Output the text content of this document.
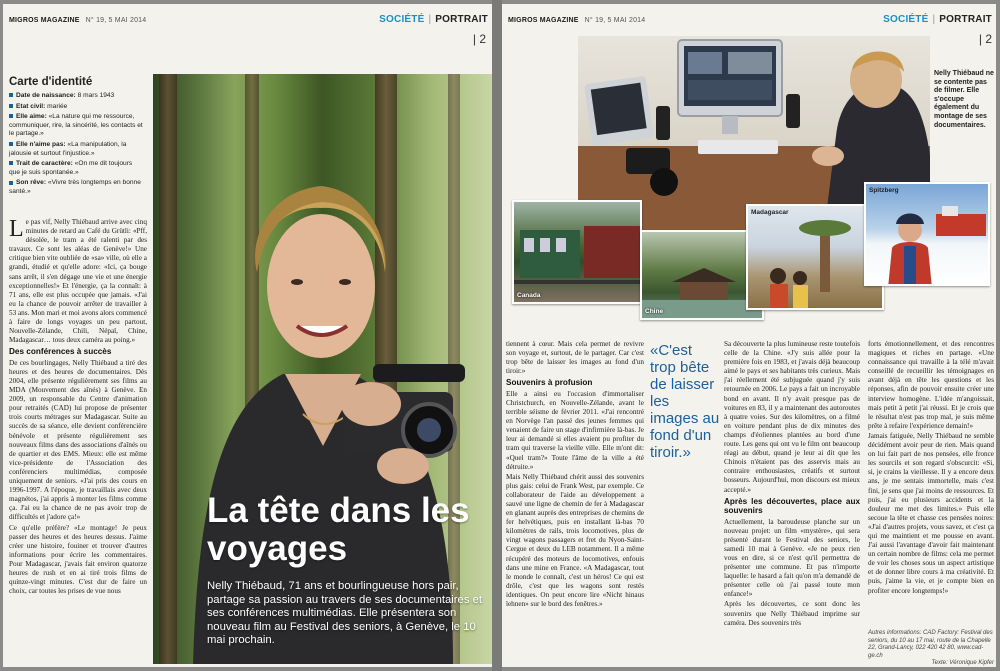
MIGROS MAGAZINE N° 19, 5 MAI 2014	SOCIÉTÉ | PORTRAIT
| 2
Carte d'identité
Date de naissance: 8 mars 1943
Etat civil: mariée
Elle aime: «La nature qui me ressource, communiquer, rire, la sincérité, les contacts et le partage.»
Elle n'aime pas: «La manipulation, la jalousie et surtout l'injustice.»
Trait de caractère: «On me dit toujours que je suis spontanée.»
Son rêve: «Vivre très longtemps en bonne santé.»

Le pas vif, Nelly Thiébaud arrive avec cinq minutes de retard au Café du Grütli: «Pff, désolée, le tram a été ralenti par des travaux. Ce sont les aléas de Genève!» Une critique bien vite oubliée de «sa» ville, où elle a grandi, étudié et qu'elle adore: «Ici, ça bouge sans arrêt, il s'en dégage une vie et une énergie exceptionnelles!» Et l'énergie, ça la connaît: à 71 ans, elle est plus occupée que jamais. «J'ai eu la chance de pouvoir arrêter de travailler à 53 ans. Mon mari et moi avons alors commencé à faire de longs voyages un peu partout, Nouvelle-Zélande, Chili, Népal, Chine, Madagascar… tous deux caméra au poing.»

Des conférences à succès

De ces bourlingages, Nelly Thiébaud a tiré des heures et des heures de documentaires. Dès 2004, elle présente régulièrement ses films au MDA (Mouvement des aînés) à Genève. En 2009, un responsable du Centre d'animation pour retraités (CAD) lui propose de présenter trois courts métrages sur Madagascar. Suite au succès de sa séance, elle devient conférencière bénévole et présente régulièrement ses nouveaux films dans des associations d'aînés ou de quartier et des EMS. Mieux: elle est même vice-présidente de l'Association des conférenciers multimédias, composée uniquement de seniors. «J'ai pris des cours en 1996-1997. A l'époque, je travaillais avec deux magnétos, j'ai appris à monter les films comme ça. J'ai eu la chance de ne pas avoir trop de difficultés et j'adore ça!»

Ce qu'elle préfère? «Le montage! Je peux passer des heures et des heures dessus. J'aime créer une histoire, fouiner et trouver d'autres informations pour écrire les commentaires. Pour Madagascar, j'avais fait environ quatorze heures de rush et en ai tiré trois films de quinze-vingt minutes. C'est dur de faire un choix, car toutes les prises de vue nous

La tête dans les voyages
Nelly Thiébaud, 71 ans et bourlingueuse hors pair, partage sa passion au travers de ses documentaires et ses conférences multimédias. Elle présentera son nouveau film au Festival des seniors, à Genève, le 10 mai prochain.
MIGROS MAGAZINE N° 19, 5 MAI 2014	SOCIÉTÉ | PORTRAIT
| 2
Nelly Thiébaud ne se contente pas de filmer. Elle s'occupe également du montage de ses documentaires.
Canada
Chine
Madagascar
Spitzberg

tiennent à cœur. Mais cela permet de revivre son voyage et, surtout, de le partager. Car c'est trop bête de laisser les images au fond d'un tiroir.»

Souvenirs à profusion

Elle a ainsi eu l'occasion d'immortaliser Christchurch, en Nouvelle-Zélande, avant le terrible séisme de février 2011. «J'ai rencontré en Norvège l'an passé des jeunes femmes qui venaient de faire un stage d'infirmière là-bas. Je leur ai demandé si elles avaient pu profiter du tram qui traverse la vieille ville. Elle m'ont dit: «Quel tram?» Toute l'âme de la ville a été détruite.»

Mais Nelly Thiébaud chérit aussi des souvenirs plus gais: celui de Frank West, par exemple. Ce collaborateur de l'aide au développement a sauvé une ligne de chemin de fer à Madagascar en glanant auprès des entreprises de chemins de fer helvétiques, puis en installant là-bas 70 kilomètres de rails, trois locomotives, plus de vingt wagons passagers et fret du Nyon-Saint-Cergue et deux du LEB notamment. Il a même récupéré des moteurs de locomotives, enfouis dans une mine en France. «A Madagascar, tout le monde le connaît, c'est un héros! Ce qui est drôle, c'est que les wagons sont restés identiques. On peut encore lire «Nicht hinaus lehnen» sur le bord des fenêtres.»

«C'est trop bête de laisser les images au fond d'un tiroir.»

Sa découverte la plus lumineuse reste toutefois celle de la Chine. «J'y suis allée pour la première fois en 1983, et j'avais déjà beaucoup aimé le pays et ses habitants très curieux. Mais j'ai réellement été subjuguée quand j'y suis retournée en 2006. Le pays a fait un incroyable bond en avant. Il n'y avait presque pas de voitures en 83, il y a maintenant des autoroutes à quatre voies. Sur des kilomètres, on a filmé en voiture pendant plus de dix minutes des champs d'éoliennes plantées au bord d'une route. Les gens qui ont vu le film ont beaucoup réagi au début, quand je leur ai dit que les Chinois n'étaient pas des asservis mais au contraire enthousiastes, créatifs et surtout bosseurs. Aujourd'hui, mon discours est mieux accepté.»

Après les découvertes, place aux souvenirs

Actuellement, la baroudeuse planche sur un nouveau projet: un film «mystère», qui sera présenté durant le Festival des seniors, le samedi 10 mai à Genève. «Je ne peux rien vous en dire, si ce n'est qu'il permettra de présenter une commune. Et pas n'importe laquelle: le hasard a fait qu'on m'a demandé de présenter celle où j'ai passé toute mon enfance!»

Après les découvertes, ce sont donc les souvenirs que Nelly Thiébaud imprime sur caméra. Des souvenirs très

forts émotionnellement, et des rencontres magiques et riches en partage. «Une connaissance qui travaille à la télé m'avait conseillé de recueillir les témoignages en avant déjà en tête les questions et les réponses, afin de pouvoir ensuite créer une interview homogène. L'idée m'angoissait, mais petit à petit j'ai réussi. Et je crois que le résultat n'est pas trop mal, je suis même prête à refaire l'expérience demain!»

Jamais fatiguée, Nelly Thiébaud ne semble décidément avoir peur de rien. Mais quand on lui fait part de nos pensées, elle fronce les sourcils et son regard s'obscurcit: «Si, si, je crains la vieillesse. Il y a encore deux ans, je me sentais immortelle, mais c'est fini, je sens que j'ai moins de ressources. Et puis, j'ai eu plusieurs accidents et la douleur me met des limites.» Puis elle secoue la tête et chasse ces pensées noires: «J'ai d'autres projets, vous savez, et c'est ça qui me maintient et me pousse en avant. J'ai aussi l'avantage d'avoir fait maintenant un certain nombre de films: cela me permet de voir les choses sous un aspect artistique et de donner libre cours à ma créativité. Et puis, j'aime la vie, et je compte bien en profiter encore longtemps!»

Autres informations: CAD Factory: Festival des seniors, du 10 au 17 mai, route de la Chapelle 22, Grand-Lancy, 022 420 42 80, www.cad-ge.ch
Texte: Véronique Kipfer
